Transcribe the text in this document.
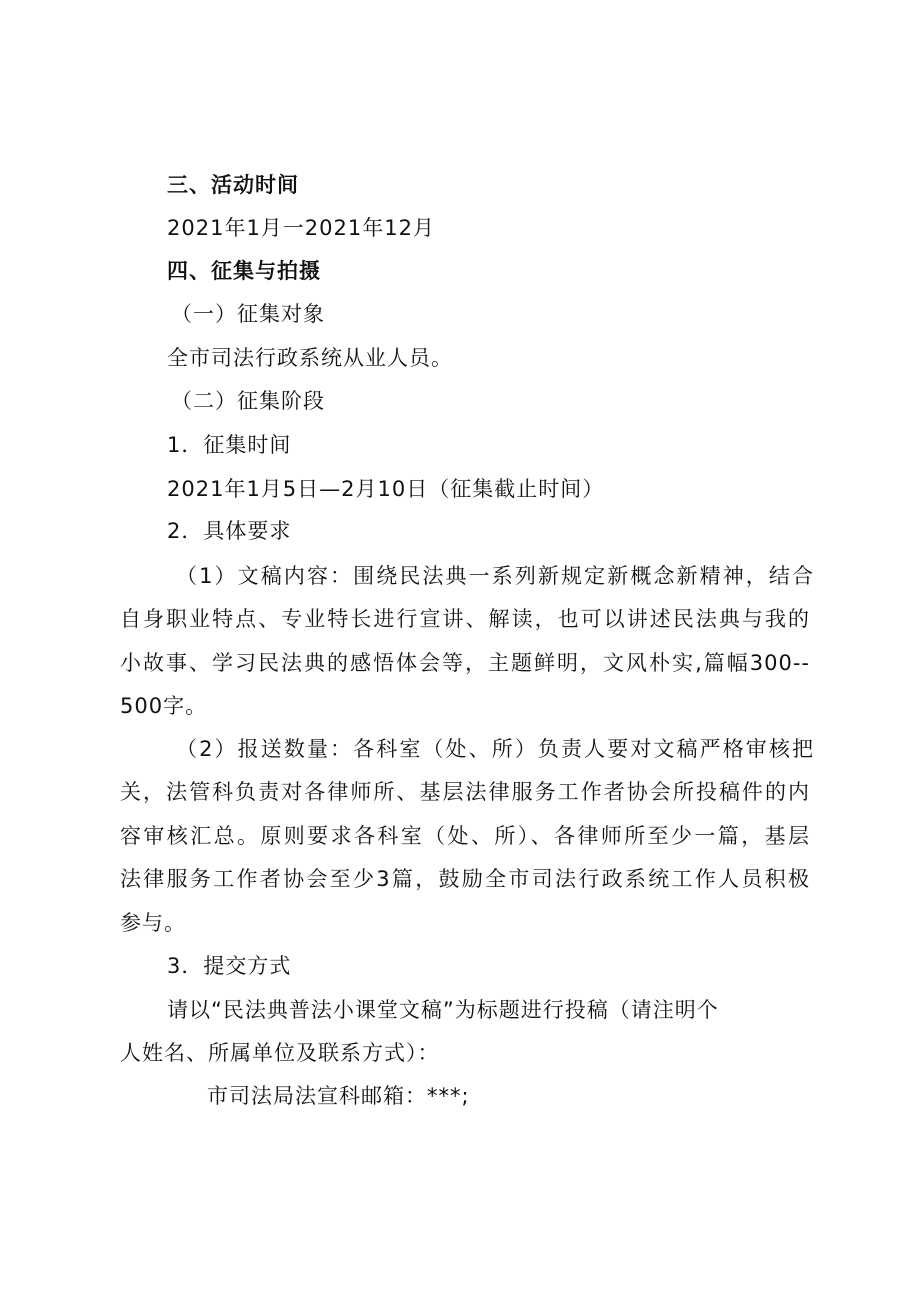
三、活动时间
2021年1月一2021年12月
四、征集与拍摄
（一）征集对象
全市司法行政系统从业人员。
（二）征集阶段
1．征集时间
2021年1月5日—2月10日（征集截止时间）
2．具体要求
（1）文稿内容：围绕民法典一系列新规定新概念新精神，结合
自身职业特点、专业特长进行宣讲、解读，也可以讲述民法典与我的
小故事、学习民法典的感悟体会等，主题鲜明，文风朴实,篇幅300--
500字。
（2）报送数量：各科室（处、所）负责人要对文稿严格审核把
关，法管科负责对各律师所、基层法律服务工作者协会所投稿件的内
容审核汇总。原则要求各科室（处、所）、各律师所至少一篇，基层
法律服务工作者协会至少3篇，鼓励全市司法行政系统工作人员积极
参与。
3．提交方式
请以“民法典普法小课堂文稿”为标题进行投稿（请注明个
人姓名、所属单位及联系方式）：
市司法局法宣科邮箱：***;
